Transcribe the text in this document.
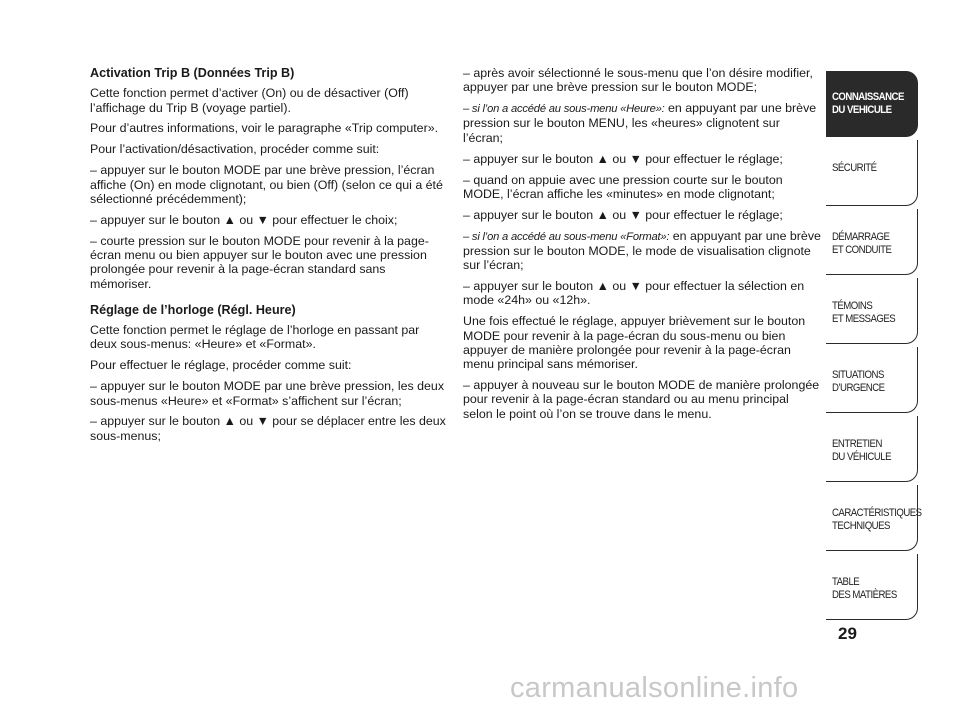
Activation Trip B (Données Trip B)

Cette fonction permet d’activer (On) ou de désactiver (Off) l’affichage du Trip B (voyage partiel).

Pour d’autres informations, voir le paragraphe «Trip computer».

Pour l’activation/désactivation, procéder comme suit:

– appuyer sur le bouton MODE par une brève pression, l’écran affiche (On) en mode clignotant, ou bien (Off) (selon ce qui a été sélectionné précédemment);

– appuyer sur le bouton ▲ ou ▼ pour effectuer le choix;

– courte pression sur le bouton MODE pour revenir à la page-écran menu ou bien appuyer sur le bouton avec une pression prolongée pour revenir à la page-écran standard sans mémoriser.

Réglage de l’horloge (Régl. Heure)

Cette fonction permet le réglage de l’horloge en passant par deux sous-menus: «Heure» et «Format».

Pour effectuer le réglage, procéder comme suit:

– appuyer sur le bouton MODE par une brève pression, les deux sous-menus «Heure» et «Format» s’affichent sur l’écran;

– appuyer sur le bouton ▲ ou ▼ pour se déplacer entre les deux sous-menus;

– après avoir sélectionné le sous-menu que l’on désire modifier, appuyer par une brève pression sur le bouton MODE;

– si l’on a accédé au sous-menu «Heure»: en appuyant par une brève pression sur le bouton MENU, les «heures» clignotent sur l’écran;

– appuyer sur le bouton ▲ ou ▼ pour effectuer le réglage;

– quand on appuie avec une pression courte sur le bouton MODE, l’écran affiche les «minutes» en mode clignotant;

– appuyer sur le bouton ▲ ou ▼ pour effectuer le réglage;

– si l’on a accédé au sous-menu «Format»: en appuyant par une brève pression sur le bouton MODE, le mode de visualisation clignote sur l’écran;

– appuyer sur le bouton ▲ ou ▼ pour effectuer la sélection en mode «24h» ou «12h».

Une fois effectué le réglage, appuyer brièvement sur le bouton MODE pour revenir à la page-écran du sous-menu ou bien appuyer de manière prolongée pour revenir à la page-écran menu principal sans mémoriser.

– appuyer à nouveau sur le bouton MODE de manière prolongée pour revenir à la page-écran standard ou au menu principal selon le point où l’on se trouve dans le menu.

CONNAISSANCE
DU VEHICULE
SÉCURITÉ
DÉMARRAGE
ET CONDUITE
TÉMOINS
ET MESSAGES
SITUATIONS
D’URGENCE
ENTRETIEN
DU VÉHICULE
CARACTÉRISTIQUES
TECHNIQUES
TABLE
DES MATIÈRES
29
carmanualsonline.info
